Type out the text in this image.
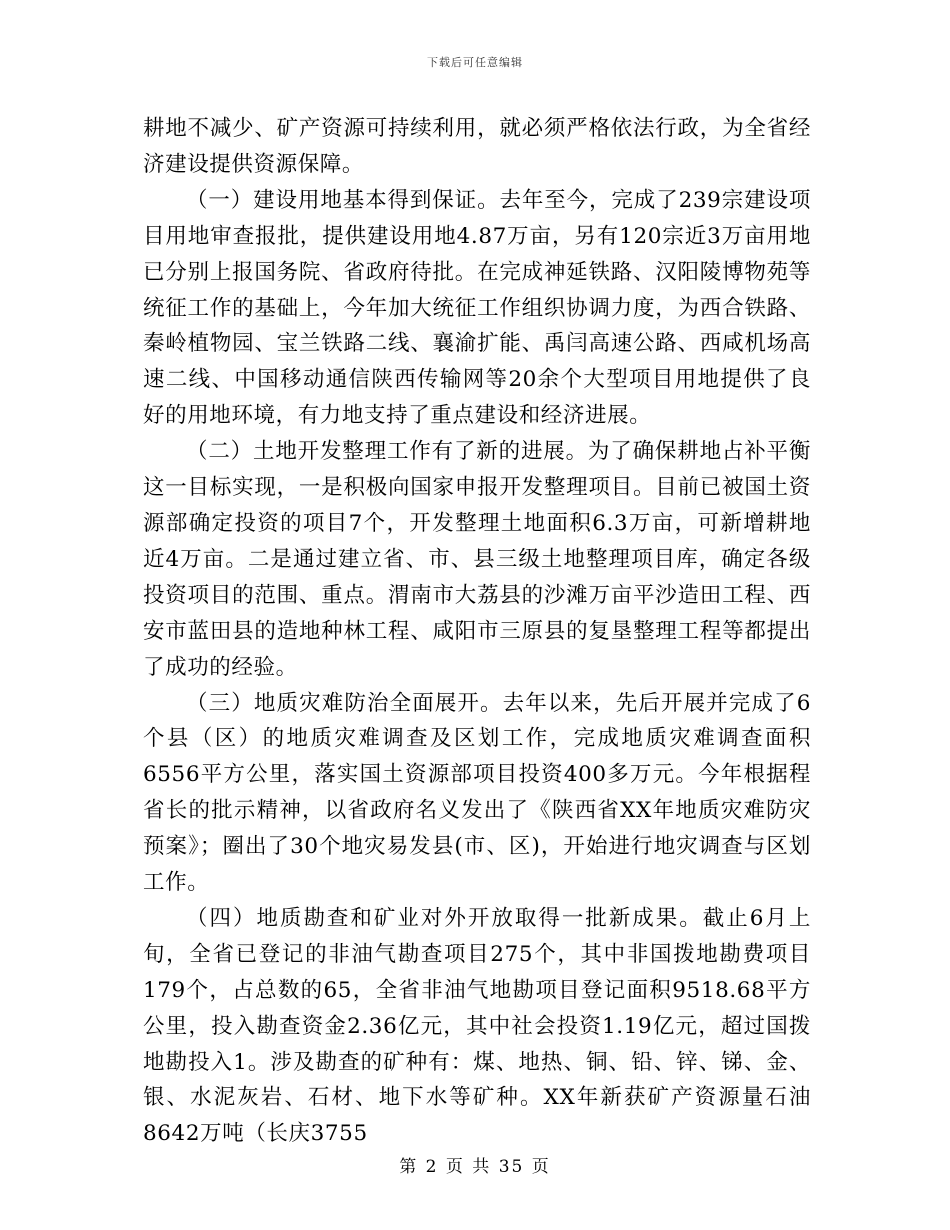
下载后可任意编辑

耕地不减少、矿产资源可持续利用，就必须严格依法行政，为全省经济建设提供资源保障。

（一）建设用地基本得到保证。去年至今，完成了239宗建设项目用地审查报批，提供建设用地4.87万亩，另有120宗近3万亩用地已分别上报国务院、省政府待批。在完成神延铁路、汉阳陵博物苑等统征工作的基础上，今年加大统征工作组织协调力度，为西合铁路、秦岭植物园、宝兰铁路二线、襄渝扩能、禹闫高速公路、西咸机场高速二线、中国移动通信陕西传输网等20余个大型项目用地提供了良好的用地环境，有力地支持了重点建设和经济进展。

（二）土地开发整理工作有了新的进展。为了确保耕地占补平衡这一目标实现，一是积极向国家申报开发整理项目。目前已被国土资源部确定投资的项目7个，开发整理土地面积6.3万亩，可新增耕地近4万亩。二是通过建立省、市、县三级土地整理项目库，确定各级投资项目的范围、重点。渭南市大荔县的沙滩万亩平沙造田工程、西安市蓝田县的造地种林工程、咸阳市三原县的复垦整理工程等都提出了成功的经验。

（三）地质灾难防治全面展开。去年以来，先后开展并完成了6个县（区）的地质灾难调查及区划工作，完成地质灾难调查面积6556平方公里，落实国土资源部项目投资400多万元。今年根据程省长的批示精神，以省政府名义发出了《陕西省XX年地质灾难防灾预案》；圈出了30个地灾易发县(市、区)，开始进行地灾调查与区划工作。

（四）地质勘查和矿业对外开放取得一批新成果。截止6月上旬，全省已登记的非油气勘查项目275个，其中非国拨地勘费项目179个，占总数的65，全省非油气地勘项目登记面积9518.68平方公里，投入勘查资金2.36亿元，其中社会投资1.19亿元，超过国拨地勘投入1。涉及勘查的矿种有：煤、地热、铜、铅、锌、锑、金、银、水泥灰岩、石材、地下水等矿种。XX年新获矿产资源量石油8642万吨（长庆3755

第 2 页 共 35 页
